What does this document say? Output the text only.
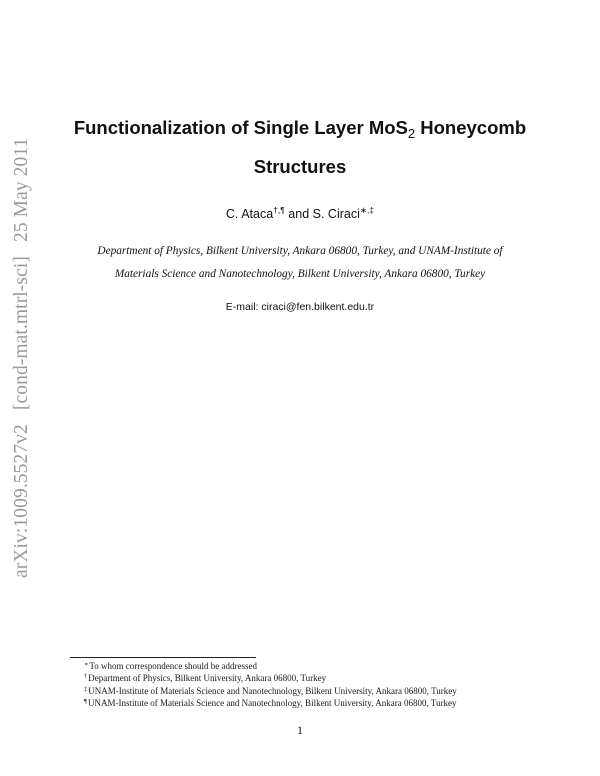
arXiv:1009.5527v2[cond-mat.mtrl-sci]25 May 2011
Functionalization of Single Layer MoS$_2$ Honeycomb
Structures
C. Ataca†,¶ and S. Ciraci∗,‡
Department of Physics, Bilkent University, Ankara 06800, Turkey, and UNAM-Institute of
Materials Science and Nanotechnology, Bilkent University, Ankara 06800, Turkey
E-mail: ciraci@fen.bilkent.edu.tr
∗To whom correspondence should be addressed
†Department of Physics, Bilkent University, Ankara 06800, Turkey
‡UNAM-Institute of Materials Science and Nanotechnology, Bilkent University, Ankara 06800, Turkey
¶UNAM-Institute of Materials Science and Nanotechnology, Bilkent University, Ankara 06800, Turkey
1
